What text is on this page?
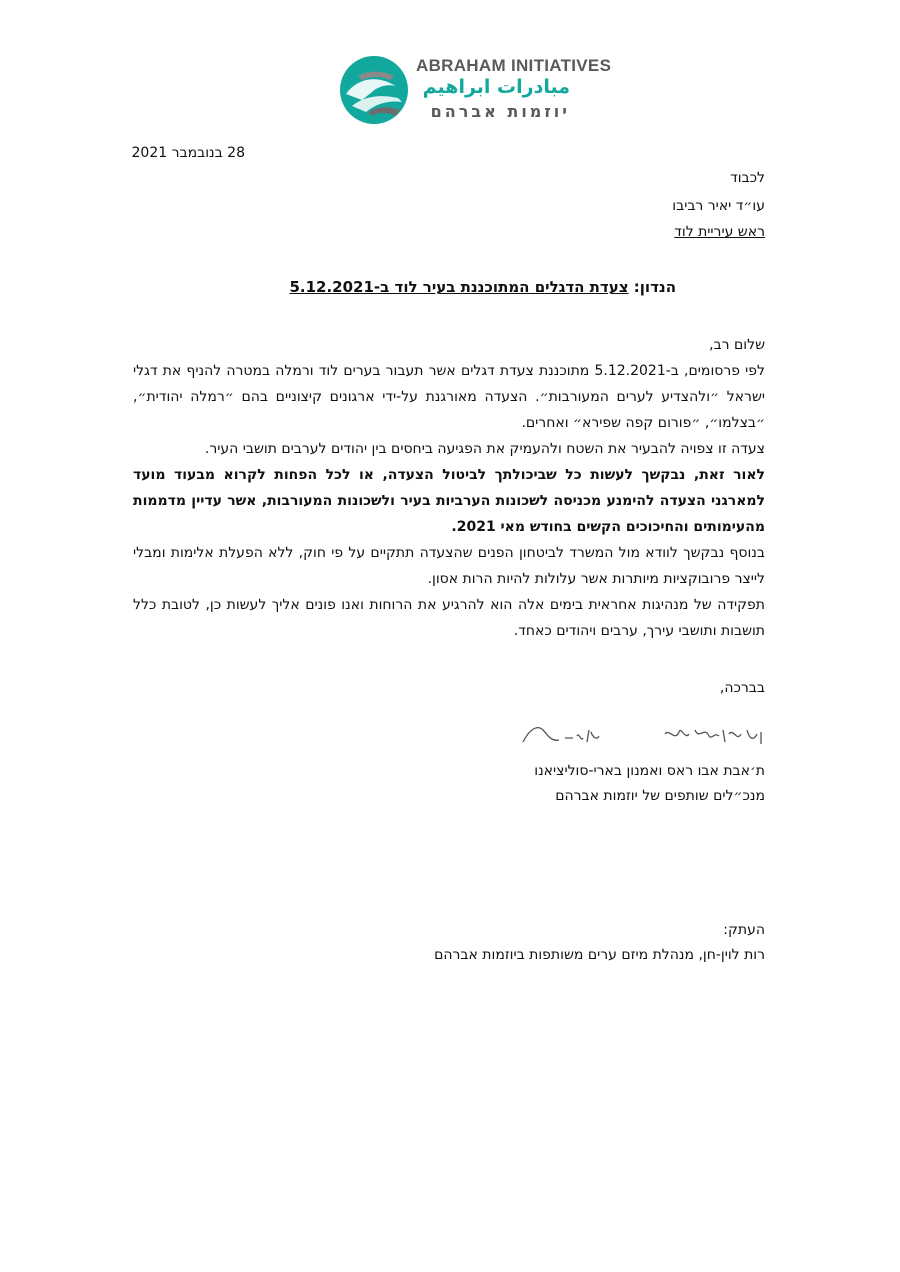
ABRAHAM INITIATIVES
مبادرات ابراهيم
יוזמות אברהם
28 בנובמבר 2021
לכבוד
עו״ד יאיר רביבו
ראש עיריית לוד
הנדון: צעדת הדגלים המתוכננת בעיר לוד ב-5.12.2021
שלום רב,
לפי פרסומים, ב-5.12.2021 מתוכננת צעדת דגלים אשר תעבור בערים לוד ורמלה במטרה להניף את דגלי ישראל ״ולהצדיע לערים המעורבות״. הצעדה מאורגנת על-ידי ארגונים קיצוניים בהם ״רמלה יהודית״, ״בצלמו״, ״פורום קפה שפירא״ ואחרים.
צעדה זו צפויה להבעיר את השטח ולהעמיק את הפגיעה ביחסים בין יהודים לערבים תושבי העיר.
לאור זאת, נבקשך לעשות כל שביכולתך לביטול הצעדה, או לכל הפחות לקרוא מבעוד מועד למארגני הצעדה להימנע מכניסה לשכונות הערביות בעיר ולשכונות המעורבות, אשר עדיין מדממות מהעימותים והחיכוכים הקשים בחודש מאי 2021.
בנוסף נבקשך לוודא מול המשרד לביטחון הפנים שהצעדה תתקיים על פי חוק, ללא הפעלת אלימות ומבלי לייצר פרובוקציות מיותרות אשר עלולות להיות הרות אסון.
תפקידה של מנהיגות אחראית בימים אלה הוא להרגיע את הרוחות ואנו פונים אליך לעשות כן, לטובת כלל תושבות ותושבי עירך, ערבים ויהודים כאחד.
בברכה,
ת׳אבת אבו ראס ואמנון בארי-סוליציאנו
מנכ״לים שותפים של יוזמות אברהם
העתק:
רות לוין-חן, מנהלת מיזם ערים משותפות ביוזמות אברהם
